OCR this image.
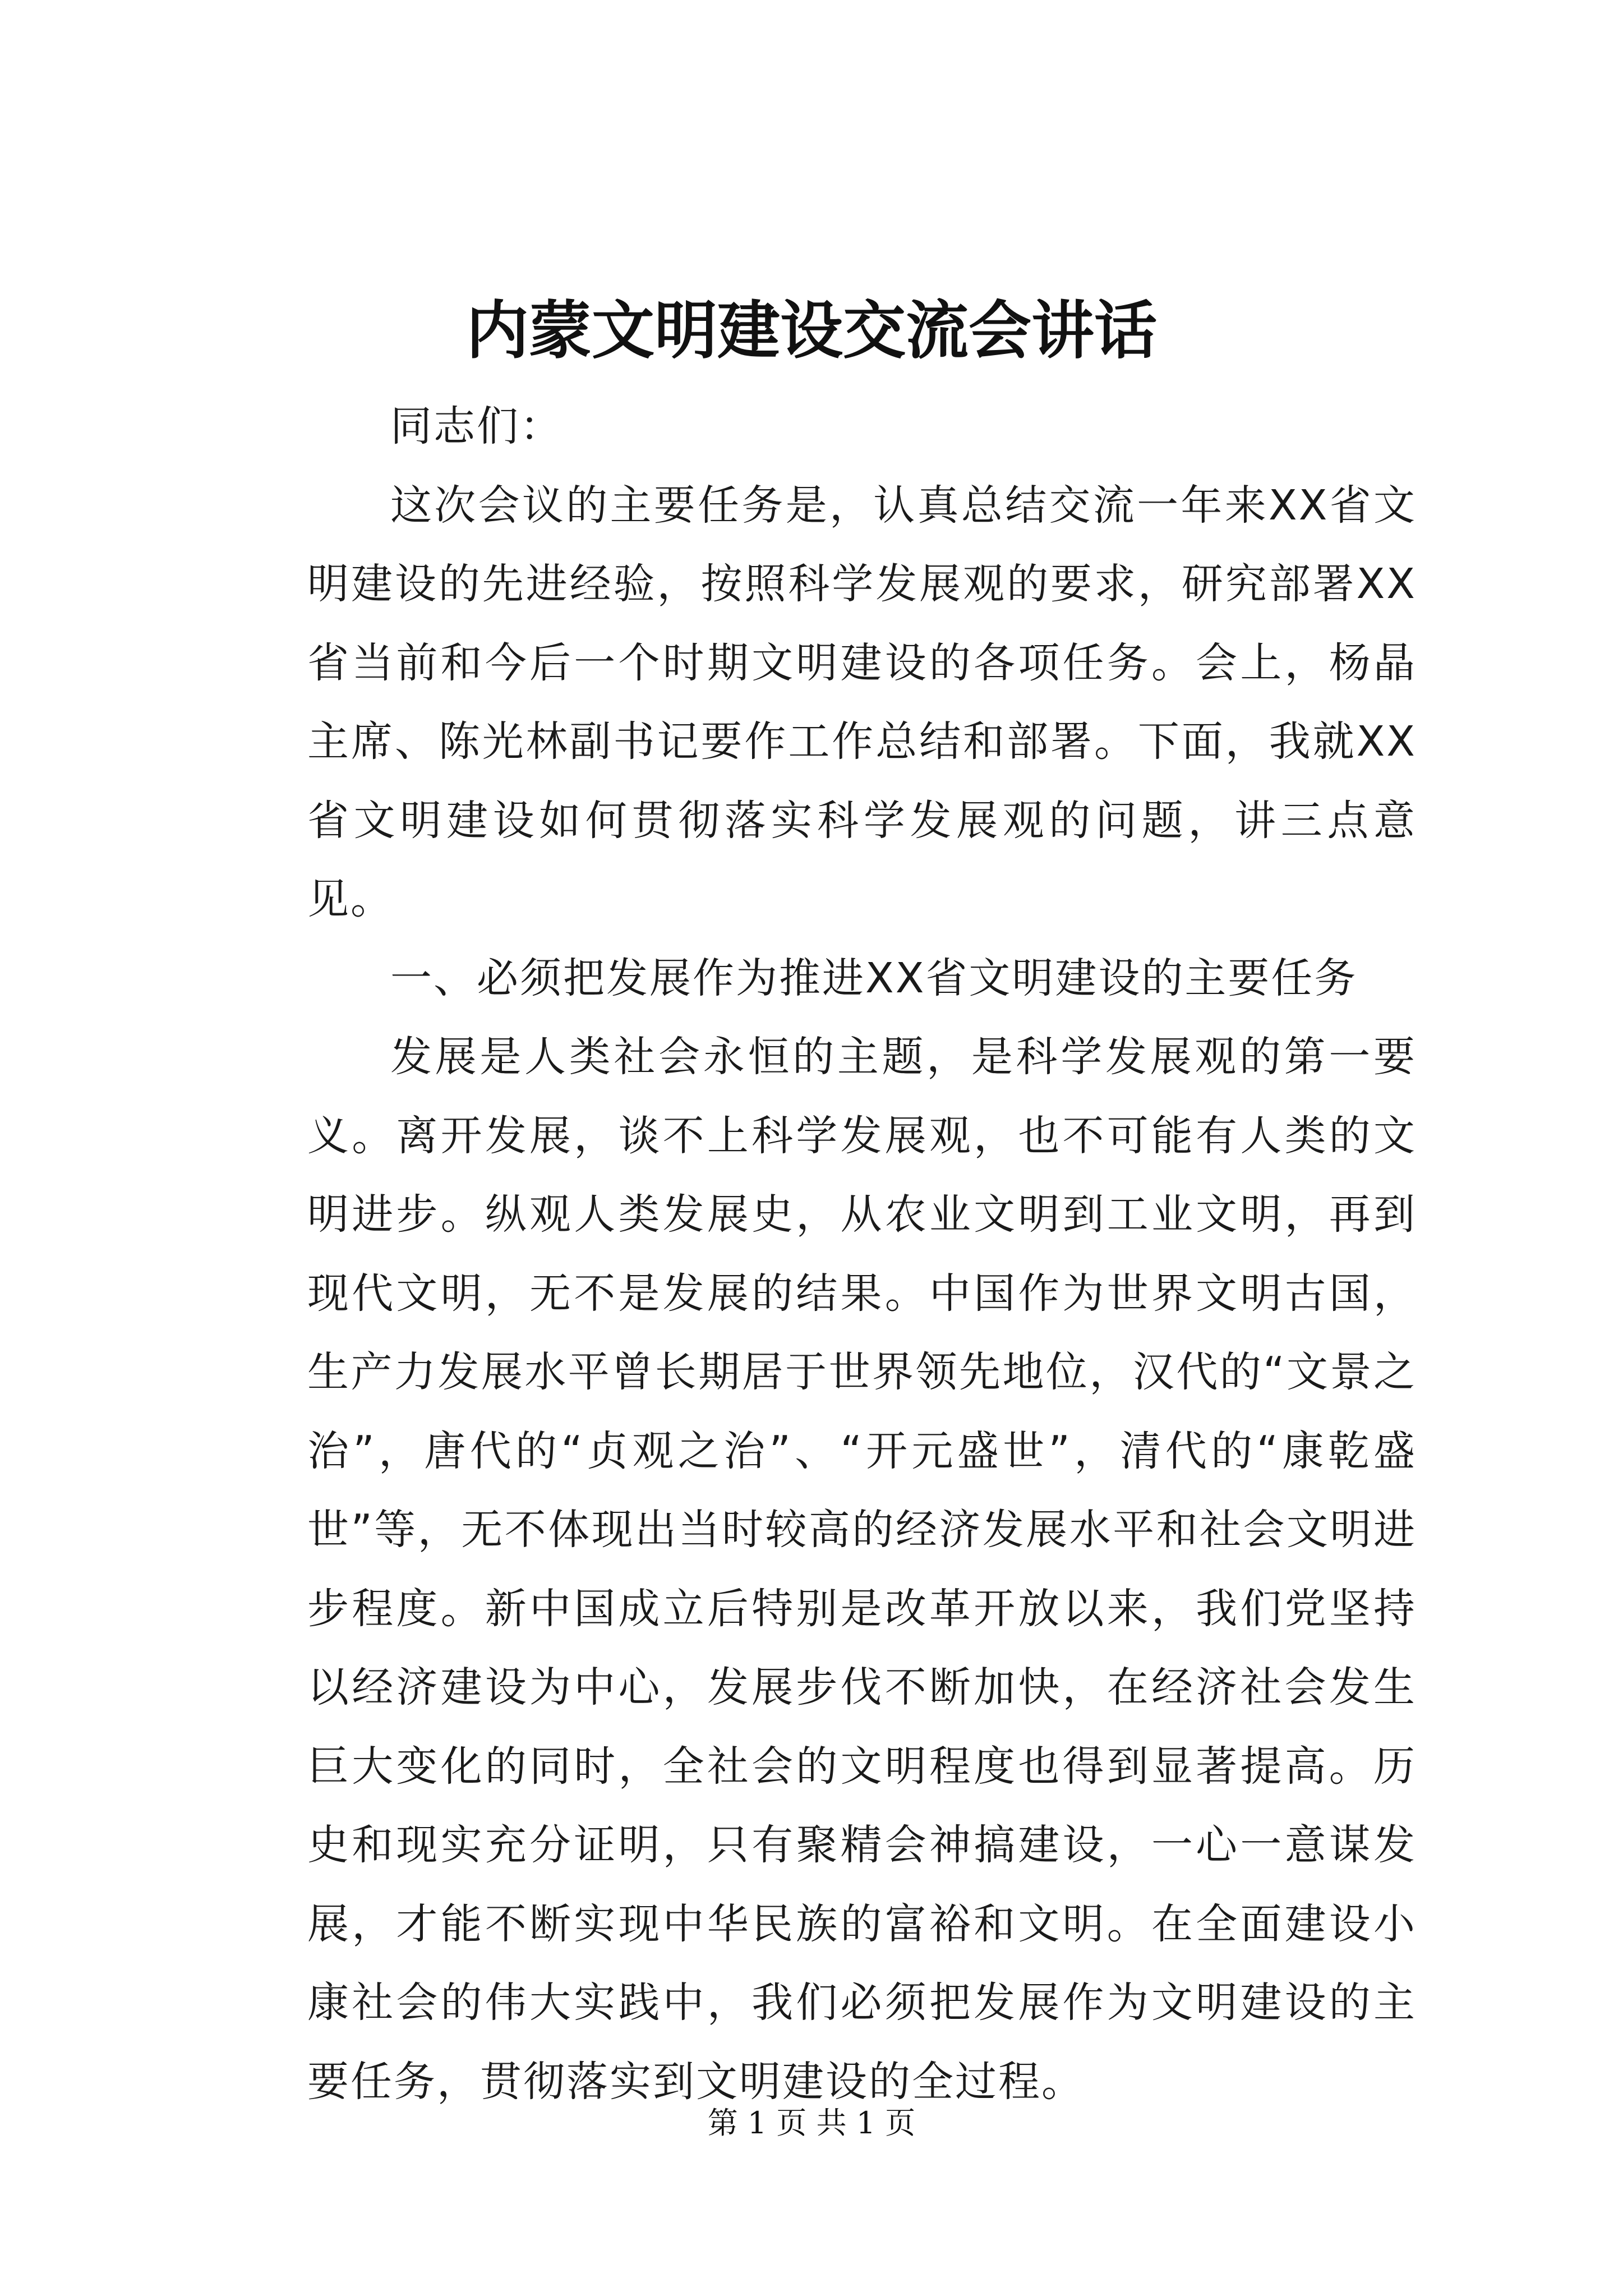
内蒙文明建设交流会讲话

同志们：

这次会议的主要任务是，认真总结交流一年来XX省文明建设的先进经验，按照科学发展观的要求，研究部署XX省当前和今后一个时期文明建设的各项任务。会上，杨晶主席、陈光林副书记要作工作总结和部署。下面，我就XX省文明建设如何贯彻落实科学发展观的问题，讲三点意见。

一、必须把发展作为推进XX省文明建设的主要任务

发展是人类社会永恒的主题，是科学发展观的第一要义。离开发展，谈不上科学发展观，也不可能有人类的文明进步。纵观人类发展史，从农业文明到工业文明，再到现代文明，无不是发展的结果。中国作为世界文明古国，生产力发展水平曾长期居于世界领先地位，汉代的“文景之治”，唐代的“贞观之治”、“开元盛世”，清代的“康乾盛世”等，无不体现出当时较高的经济发展水平和社会文明进步程度。新中国成立后特别是改革开放以来，我们党坚持以经济建设为中心，发展步伐不断加快，在经济社会发生巨大变化的同时，全社会的文明程度也得到显著提高。历史和现实充分证明，只有聚精会神搞建设，一心一意谋发展，才能不断实现中华民族的富裕和文明。在全面建设小康社会的伟大实践中，我们必须把发展作为文明建设的主要任务，贯彻落实到文明建设的全过程。

第 1 页 共 1 页
